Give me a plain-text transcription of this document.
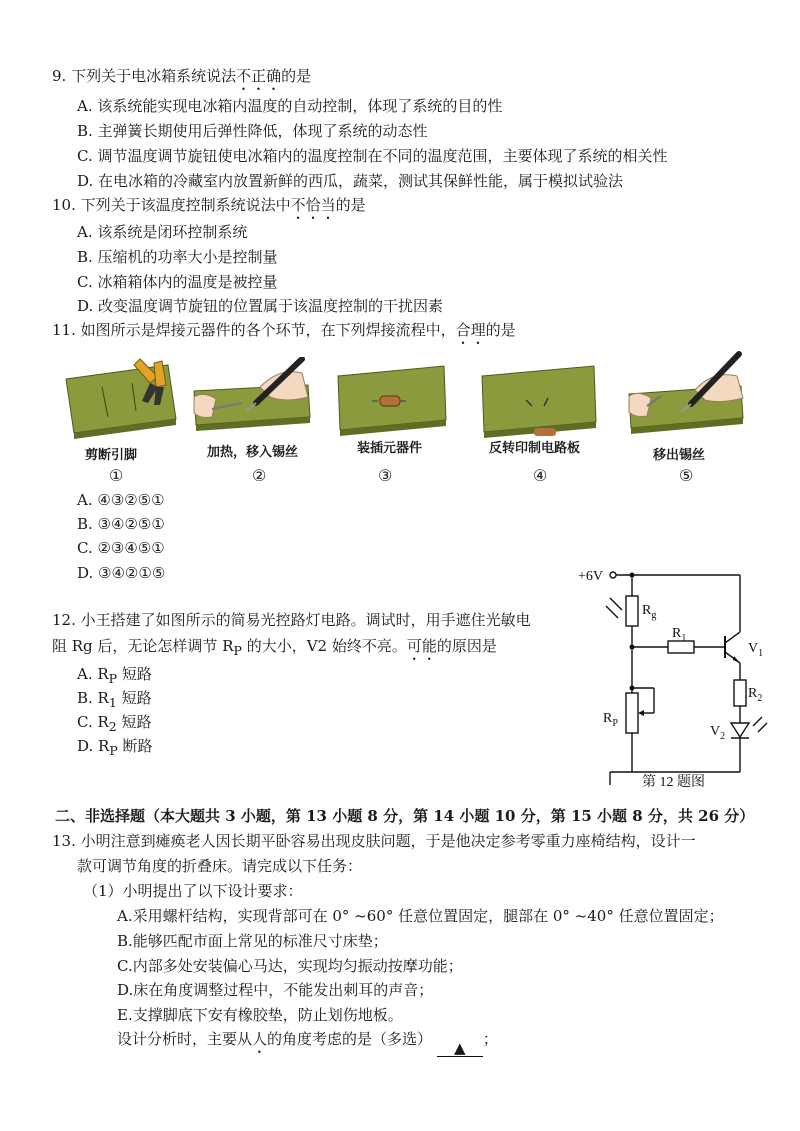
9. 下列关于电冰箱系统说法不正确的是
A. 该系统能实现电冰箱内温度的自动控制，体现了系统的目的性
B. 主弹簧长期使用后弹性降低，体现了系统的动态性
C. 调节温度调节旋钮使电冰箱内的温度控制在不同的温度范围，主要体现了系统的相关性
D. 在电冰箱的冷藏室内放置新鲜的西瓜，蔬菜，测试其保鲜性能，属于模拟试验法
10. 下列关于该温度控制系统说法中不恰当的是
A. 该系统是闭环控制系统
B. 压缩机的功率大小是控制量
C. 冰箱箱体内的温度是被控量
D. 改变温度调节旋钮的位置属于该温度控制的干扰因素
11. 如图所示是焊接元器件的各个环节，在下列焊接流程中，合理的是
剪断引脚	加热，移入锡丝	装插元器件	反转印制电路板	移出锡丝
①	②	③	④	⑤
A. ④③②⑤①
B. ③④②⑤①
C. ②③④⑤①
D. ③④②①⑤
12. 小王搭建了如图所示的简易光控路灯电路。调试时，用手遮住光敏电
阻 Rg 后，无论怎样调节 $R_P$ 的大小，V2 始终不亮。可能的原因是
A. $R_P$ 短路
B. $R_1$ 短路
C. $R_2$ 短路
D. $R_P$ 断路
+6V
$R_g$
$R_1$
$V_1$
$R_2$
$R_P$
$V_2$
第 12 题图
二、非选择题（本大题共 3 小题，第 13 小题 8 分，第 14 小题 10 分，第 15 小题 8 分，共 26 分）
13. 小明注意到瘫痪老人因长期平卧容易出现皮肤问题，于是他决定参考零重力座椅结构，设计一
款可调节角度的折叠床。请完成以下任务：
（1）小明提出了以下设计要求：
A.采用螺杆结构，实现背部可在 0° ~60° 任意位置固定，腿部在 0° ~40° 任意位置固定；
B.能够匹配市面上常见的标准尺寸床垫；
C.内部多处安装偏心马达，实现均匀振动按摩功能；
D.床在角度调整过程中，不能发出刺耳的声音；
E.支撑脚底下安有橡胶垫，防止划伤地板。
设计分析时，主要从人的角度考虑的是（多选） ▲ ；
